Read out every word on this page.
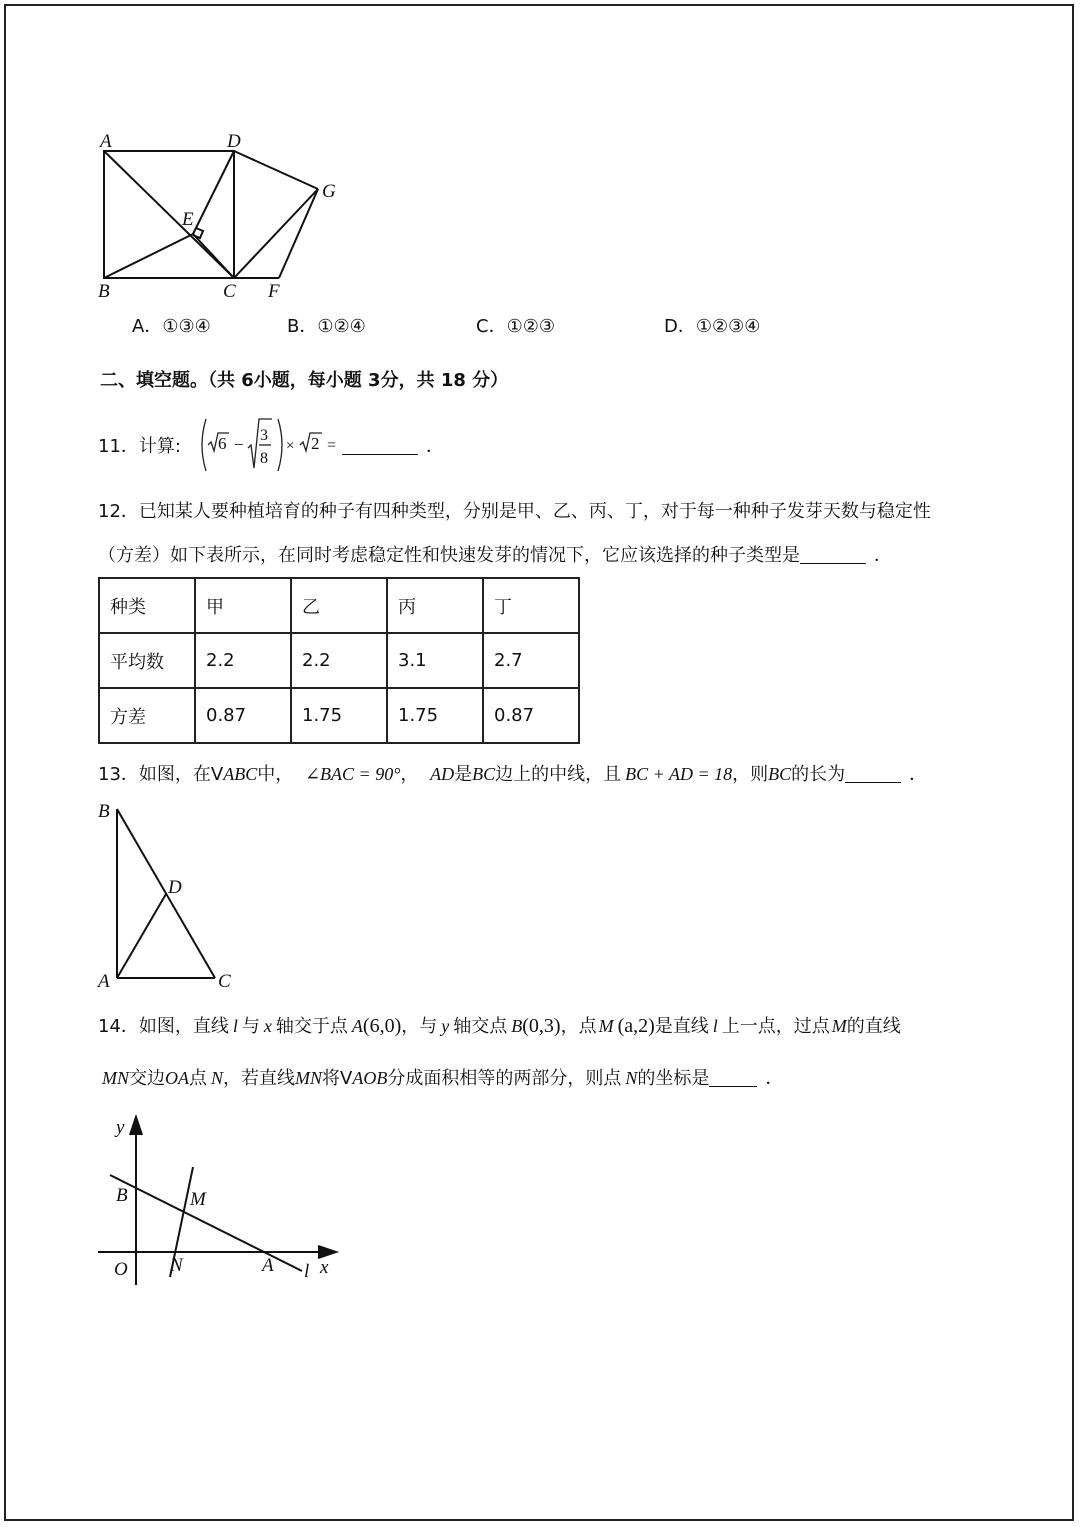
A	D
G
E
B	C F
A．①③④	B．①②④	C．①②③	D．①②③④
二、填空题。（共 6小题，每小题 3分，共 18 分）
11．计算: 6 − 3
8
× 2 =	．
12．已知某人要种植培育的种子有四种类型，分别是甲、乙、丙、丁，对于每一种种子发芽天数与稳定性
（方差）如下表所示，在同时考虑稳定性和快速发芽的情况下，它应该选择的种子类型是	．
种类	甲	乙	丙	丁
平均数	2.2	2.2	3.1	2.7
方差	0.87	1.75	1.75	0.87
13．如图，在VABC中， ∠BAC = 90°， AD是BC边上的中线，且 BC + AD = 18，则BC的长为	．
B
D
A	C
14．如图，直线 l 与 x 轴交于点 A(6,0)，与 y 轴交点 B(0,3)，点 M (a,2)是直线 l 上一点，过点 M的直线
MN交边OA点 N，若直线MN将VAOB分成面积相等的两部分，则点 N的坐标是	．
y
B	M
O N	A l x
